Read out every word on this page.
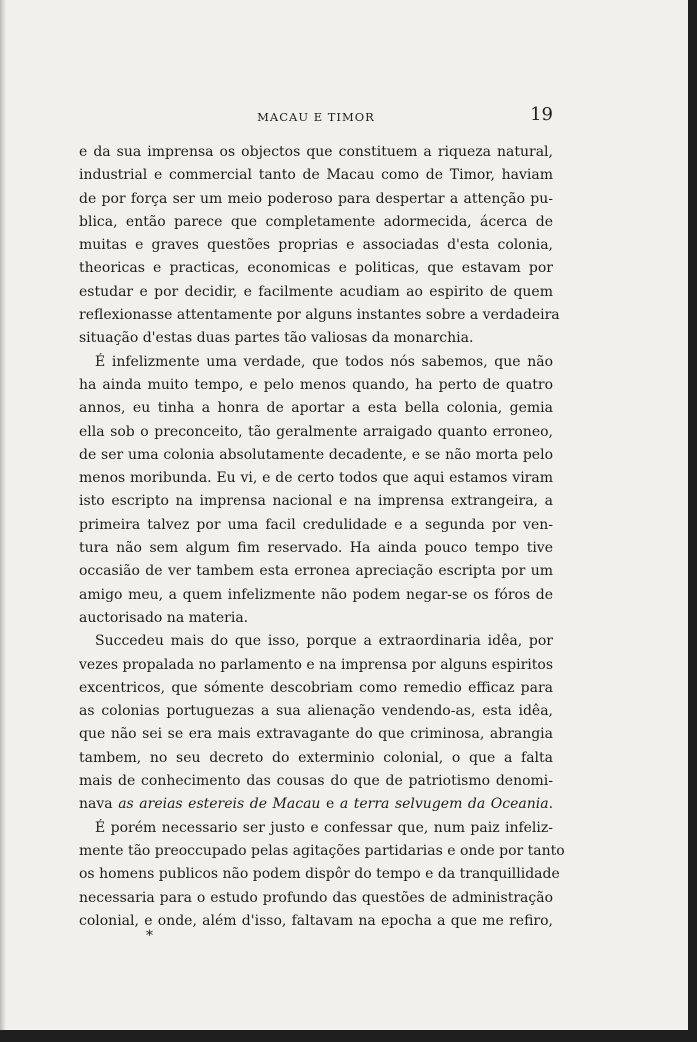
MACAU E TIMOR	19
e da sua imprensa os objectos que constituem a riqueza natural,
industrial e commercial tanto de Macau como de Timor, haviam
de por força ser um meio poderoso para despertar a attenção pu-
blica, então parece que completamente adormecida, ácerca de
muitas e graves questões proprias e associadas d'esta colonia,
theoricas e practicas, economicas e politicas, que estavam por
estudar e por decidir, e facilmente acudiam ao espirito de quem
reflexionasse attentamente por alguns instantes sobre a verdadeira
situação d'estas duas partes tão valiosas da monarchia.
É infelizmente uma verdade, que todos nós sabemos, que não
ha ainda muito tempo, e pelo menos quando, ha perto de quatro
annos, eu tinha a honra de aportar a esta bella colonia, gemia
ella sob o preconceito, tão geralmente arraigado quanto erroneo,
de ser uma colonia absolutamente decadente, e se não morta pelo
menos moribunda. Eu vi, e de certo todos que aqui estamos viram
isto escripto na imprensa nacional e na imprensa extrangeira, a
primeira talvez por uma facil credulidade e a segunda por ven-
tura não sem algum fim reservado. Ha ainda pouco tempo tive
occasião de ver tambem esta erronea apreciação escripta por um
amigo meu, a quem infelizmente não podem negar-se os fóros de
auctorisado na materia.
Succedeu mais do que isso, porque a extraordinaria idêa, por
vezes propalada no parlamento e na imprensa por alguns espiritos
excentricos, que sómente descobriam como remedio efficaz para
as colonias portuguezas a sua alienação vendendo-as, esta idêa,
que não sei se era mais extravagante do que criminosa, abrangia
tambem, no seu decreto do exterminio colonial, o que a falta
mais de conhecimento das cousas do que de patriotismo denomi-
nava as areias estereis de Macau e a terra selvugem da Oceania.
É porém necessario ser justo e confessar que, num paiz infeliz-
mente tão preoccupado pelas agitações partidarias e onde por tanto
os homens publicos não podem dispôr do tempo e da tranquillidade
necessaria para o estudo profundo das questões de administração
colonial, e onde, além d'isso, faltavam na epocha a que me refiro,
*
